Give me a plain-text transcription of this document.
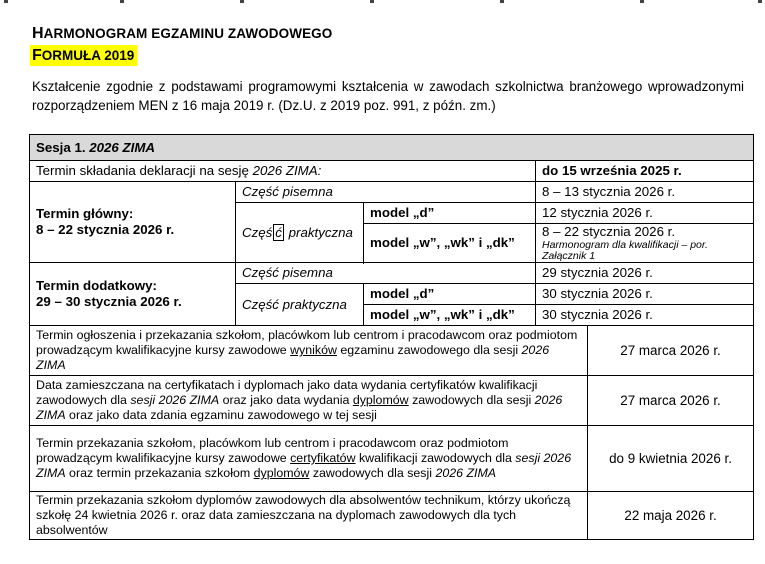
HARMONOGRAM EGZAMINU ZAWODOWEGO
FORMUŁA 2019
Kształcenie zgodnie z podstawami programowymi kształcenia w zawodach szkolnictwa branżowego wprowadzonymi rozporządzeniem MEN z 16 maja 2019 r. (Dz.U. z 2019 poz. 991, z późn. zm.)
Sesja 1. 2026 ZIMA				
Termin składania deklaracji na sesję 2026 ZIMA:			do 15 września 2025 r.	
Termin główny:
8 – 22 stycznia 2026 r.	Część pisemna		8 – 13 stycznia 2026 r.	
	Częś ć praktyczna	model „d”	12 stycznia 2026 r.	
		model „w”, „wk” i „dk”	8 – 22 stycznia 2026 r.
Harmonogram dla kwalifikacji – por. Załącznik 1	

Termin dodatkowy:
29 – 30 stycznia 2026 r.	Część pisemna		29 stycznia 2026 r.	
	Część praktyczna	model „d”	30 stycznia 2026 r.	
		model „w”, „wk” i „dk”	30 stycznia 2026 r.	
Termin ogłoszenia i przekazania szkołom, placówkom lub centrom i pracodawcom oraz podmiotom prowadzącym kwalifikacyjne kursy zawodowe wyników egzaminu zawodowego dla sesji 2026 ZIMA				27 marca 2026 r.
Data zamieszczana na certyfikatach i dyplomach jako data wydania certyfikatów kwalifikacji zawodowych dla sesji 2026 ZIMA oraz jako data wydania dyplomów zawodowych dla sesji 2026 ZIMA oraz jako data zdania egzaminu zawodowego w tej sesji				27 marca 2026 r.
Termin przekazania szkołom, placówkom lub centrom i pracodawcom oraz podmiotom prowadzącym kwalifikacyjne kursy zawodowe certyfikatów kwalifikacji zawodowych dla sesji 2026 ZIMA oraz termin przekazania szkołom dyplomów zawodowych dla sesji 2026 ZIMA				do 9 kwietnia 2026 r.
Termin przekazania szkołom dyplomów zawodowych dla absolwentów technikum, którzy ukończą szkołę 24 kwietnia 2026 r. oraz data zamieszczana na dyplomach zawodowych dla tych absolwentów				22 maja 2026 r.
